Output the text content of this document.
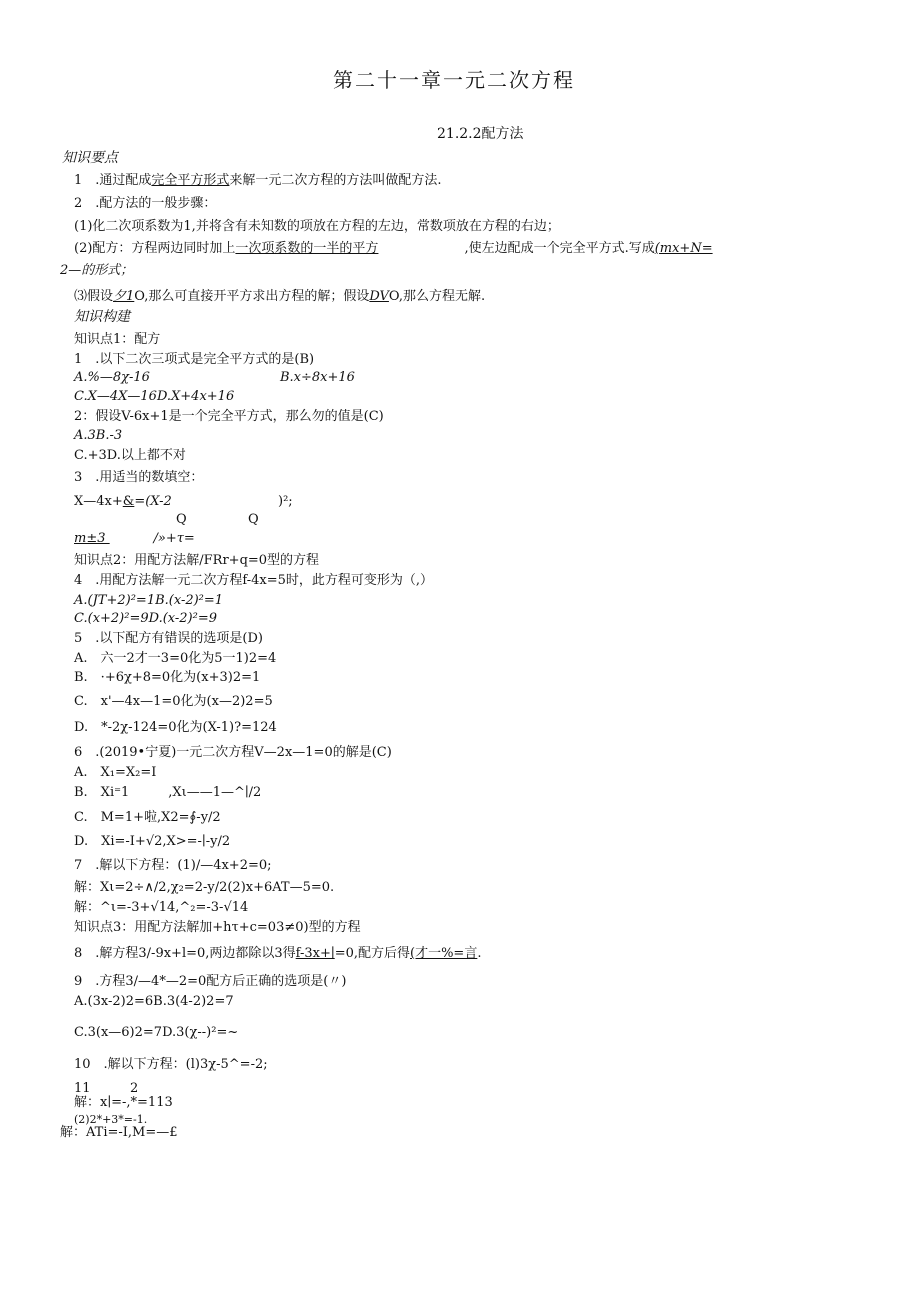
第二十一章一元二次方程
21.2.2配方法
知识要点
1　.通过配成完全平方形式来解一元二次方程的方法叫做配方法.
2　.配方法的一般步骤：
(1)化二次项系数为1,并将含有未知数的项放在方程的左边，常数项放在方程的右边；
(2)配方：方程两边同时加上一次项系数的一半的平方	,使左边配成一个完全平方式.写成(mx+N=
2—的形式；
⑶假设夕1O,那么可直接开平方求出方程的解；假设DVO,那么方程无解.
知识构建
知识点1：配方
1　.以下二次三项式是完全平方式的是(B)
A.%—8χ-16	B.x÷8x+16
C.X—4X—16D.X+4x+16
2：假设V-6x+1是一个完全平方式，那么勿的值是(C)
A.3B.-3
C.+3D.以上都不对
3　.用适当的数填空：
X—4x+&=(X-2	)²;
Q	Q
m±3	/»+τ=
知识点2：用配方法解/FRr+q=0型的方程
4　.用配方法解一元二次方程f-4x=5时，此方程可变形为（,）
A.(JT+2)²=1B.(x-2)²=1
C.(x+2)²=9D.(x-2)²=9
5　.以下配方有错误的选项是(D)
A.　六一2才一3=0化为5一1)2=4
B.　·+6χ+8=0化为(x+3)2=1
C.　x'—4x—1=0化为(x—2)2=5
D.　*-2χ-124=0化为(X-1)?=124
6　.(2019•宁夏)一元二次方程V—2x—1=0的解是(C)
A.　X₁=X₂=I
B.　Xi⁼1　　　,Xι——1—^∣/2
C.　M=1+啦,X2=∮-y/2
D.　Xi=-I+√2,X>=-∣-y/2
7　.解以下方程：(1)/—4x+2=0;
解：Xι=2÷∧/2,χ₂=2-y/2(2)x+6AT—5=0.
解：^ι=-3+√14,^₂=-3-√14
知识点3：用配方法解加+hτ+c=03≠0)型的方程
8　.解方程3∕-9x+l=0,两边都除以3得f-3x+∣=0,配方后得(才一%=言.
9　.方程3/—4*—2=0配方后正确的选项是(〃)
A.(3x-2)2=6B.3(4-2)2=7
C.3(x—6)2=7D.3(χ--)²=~
10　.解以下方程：(l)3χ-5^=-2;
11	2
解：x∣=-,*=113
(2)2*+3*=-1.
解：ATi=-I,M=—£
